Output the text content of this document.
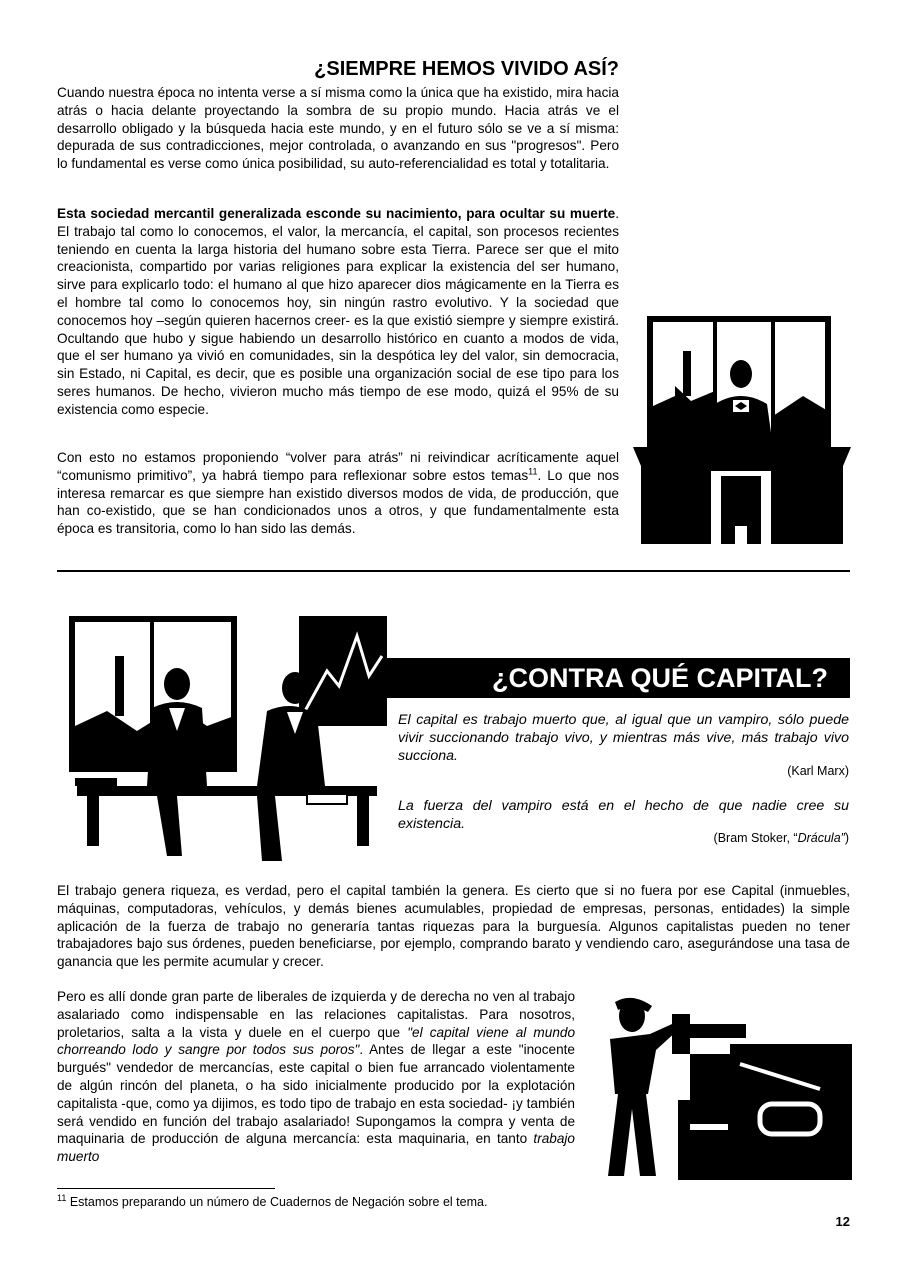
¿SIEMPRE HEMOS VIVIDO ASÍ?

Cuando nuestra época no intenta verse a sí misma como la única que ha existido, mira hacia atrás o hacia delante proyectando la sombra de su propio mundo. Hacia atrás ve el desarrollo obligado y la búsqueda hacia este mundo, y en el futuro sólo se ve a sí misma: depurada de sus contradicciones, mejor controlada, o avanzando en sus "progresos". Pero lo fundamental es verse como única posibilidad, su auto-referencialidad es total y totalitaria.

Esta sociedad mercantil generalizada esconde su nacimiento, para ocultar su muerte. El trabajo tal como lo conocemos, el valor, la mercancía, el capital, son procesos recientes teniendo en cuenta la larga historia del humano sobre esta Tierra. Parece ser que el mito creacionista, compartido por varias religiones para explicar la existencia del ser humano, sirve para explicarlo todo: el humano al que hizo aparecer dios mágicamente en la Tierra es el hombre tal como lo conocemos hoy, sin ningún rastro evolutivo. Y la sociedad que conocemos hoy –según quieren hacernos creer- es la que existió siempre y siempre existirá. Ocultando que hubo y sigue habiendo un desarrollo histórico en cuanto a modos de vida, que el ser humano ya vivió en comunidades, sin la despótica ley del valor, sin democracia, sin Estado, ni Capital, es decir, que es posible una organización social de ese tipo para los seres humanos. De hecho, vivieron mucho más tiempo de ese modo, quizá el 95% de su existencia como especie.

Con esto no estamos proponiendo “volver para atrás” ni reivindicar acríticamente aquel “comunismo primitivo”, ya habrá tiempo para reflexionar sobre estos temas$^{11}$. Lo que nos interesa remarcar es que siempre han existido diversos modos de vida, de producción, que han co-existido, que se han condicionados unos a otros, y que fundamentalmente esta época es transitoria, como lo han sido las demás.

¿CONTRA QUÉ CAPITAL?

El capital es trabajo muerto que, al igual que un vampiro, sólo puede vivir succionando trabajo vivo, y mientras más vive, más trabajo vivo succiona.

(Karl Marx)

La fuerza del vampiro está en el hecho de que nadie cree su existencia.

(Bram Stoker, “Drácula”)

El trabajo genera riqueza, es verdad, pero el capital también la genera. Es cierto que si no fuera por ese Capital (inmuebles, máquinas, computadoras, vehículos, y demás bienes acumulables, propiedad de empresas, personas, entidades) la simple aplicación de la fuerza de trabajo no generaría tantas riquezas para la burguesía. Algunos capitalistas pueden no tener trabajadores bajo sus órdenes, pueden beneficiarse, por ejemplo, comprando barato y vendiendo caro, asegurándose una tasa de ganancia que les permite acumular y crecer.

Pero es allí donde gran parte de liberales de izquierda y de derecha no ven al trabajo asalariado como indispensable en las relaciones capitalistas. Para nosotros, proletarios, salta a la vista y duele en el cuerpo que "el capital viene al mundo chorreando lodo y sangre por todos sus poros". Antes de llegar a este "inocente burgués" vendedor de mercancías, este capital o bien fue arrancado violentamente de algún rincón del planeta, o ha sido inicialmente producido por la explotación capitalista -que, como ya dijimos, es todo tipo de trabajo en esta sociedad- ¡y también será vendido en función del trabajo asalariado! Supongamos la compra y venta de maquinaria de producción de alguna mercancía: esta maquinaria, en tanto trabajo muerto

$^{11}$ Estamos preparando un número de Cuadernos de Negación sobre el tema.

12
